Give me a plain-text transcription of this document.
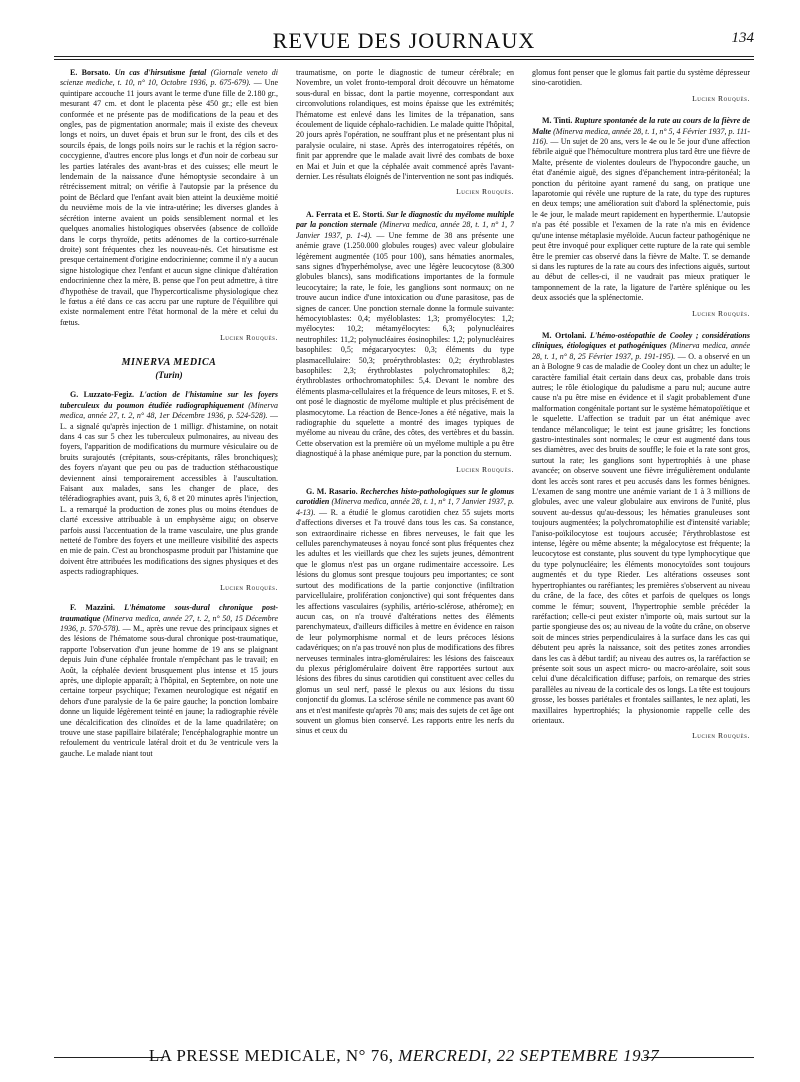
REVUE DES JOURNAUX	134

E. Borsato. Un cas d'hirsutisme fœtal (Giornale veneto di scienze mediche, t. 10, n° 10, Octobre 1936, p. 675-679). — Une quintipare accouche 11 jours avant le terme d'une fille de 2.180 gr., mesurant 47 cm. et dont le placenta pèse 450 gr.; elle est bien conformée et ne présente pas de modifications de la peau et des ongles, pas de pigmentation anormale; mais il existe des cheveux longs et noirs, un duvet épais et brun sur le front, des cils et des sourcils épais, de longs poils noirs sur le rachis et la région sacro-coccygienne, d'autres encore plus longs et d'un noir de corbeau sur les parties latérales des avant-bras et des cuisses; elle meurt le lendemain de la naissance d'une hémoptysie secondaire à un rétrécissement mitral; on vérifie à l'autopsie par la présence du point de Béclard que l'enfant avait bien atteint la deuxième moitié du neuvième mois de la vie intra-utérine; les diverses glandes à sécrétion interne avaient un poids sensiblement normal et les quelques anomalies histologiques observées (absence de colloïde dans le corps thyroïde, petits adénomes de la cortico-surrénale droite) sont fréquentes chez les nouveau-nés. Cet hirsutisme est presque certainement d'origine endocrinienne; comme il n'y a aucun signe histologique chez l'enfant et aucun signe clinique d'altération endocrinienne chez la mère, B. pense que l'on peut admettre, à titre d'hypothèse de travail, que l'hypercorticalisme physiologique chez le fœtus a été dans ce cas accru par une rupture de l'équilibre qui existe normalement entre l'état hormonal de la mère et celui du fœtus.

Lucien Rouquès.
MINERVA MEDICA
(Turin)

G. Luzzato-Fegiz. L'action de l'histamine sur les foyers tuberculeux du poumon étudiée radiographiquement (Minerva medica, année 27, t. 2, n° 48, 1er Décembre 1936, p. 524-528). — L. a signalé qu'après injection de 1 milligr. d'histamine, on notait dans 4 cas sur 5 chez les tuberculeux pulmonaires, au niveau des foyers, l'apparition de modifications du murmure vésiculaire ou de bruits surajoutés (crépitants, sous-crépitants, râles bronchiques); des foyers n'ayant que peu ou pas de traduction stéthacoustique deviennent ainsi temporairement accessibles à l'auscultation. Faisant aux malades, sans les changer de place, des téléradiographies avant, puis 3, 6, 8 et 20 minutes après l'injection, L. a remarqué la production de zones plus ou moins étendues de clarté excessive attribuable à un emphysème aigu; on observe parfois aussi l'accentuation de la trame vasculaire, une plus grande netteté de l'ombre des foyers et une meilleure visibilité des aspects en mie de pain. C'est au bronchospasme produit par l'histamine que doivent être attribuées les modifications des signes physiques et des aspects radiographiques.

Lucien Rouquès.

F. Mazzini. L'hématome sous-dural chronique post-traumatique (Minerva medica, année 27, t. 2, n° 50, 15 Décembre 1936, p. 570-578). — M., après une revue des principaux signes et des lésions de l'hématome sous-dural chronique post-traumatique, rapporte l'observation d'un jeune homme de 19 ans se plaignant depuis Juin d'une céphalée frontale n'empêchant pas le travail; en Août, la céphalée devient brusquement plus intense et 15 jours après, une diplopie apparaît; à l'hôpital, en Septembre, on note une certaine torpeur psychique; l'examen neurologique est négatif en dehors d'une paralysie de la 6e paire gauche; la ponction lombaire donne un liquide légèrement teinté en jaune; la radiographie révèle une décalcification des clinoïdes et de la lame quadrilatère; on trouve une stase papillaire bilatérale; l'encéphalographie montre un refoulement du ventricule latéral droit et du 3e ventricule vers la gauche. Le malade niant tout

traumatisme, on porte le diagnostic de tumeur cérébrale; en Novembre, un volet fronto-temporal droit découvre un hématome sous-dural en bissac, dont la partie moyenne, correspondant aux circonvolutions rolandiques, est moins épaisse que les extrémités; l'hématome est enlevé dans les limites de la trépanation, sans écoulement de liquide céphalo-rachidien. Le malade quitte l'hôpital, 20 jours après l'opération, ne souffrant plus et ne présentant plus ni paralysie oculaire, ni stase. Après des interrogatoires répétés, on finit par apprendre que le malade avait livré des combats de boxe en Mai et Juin et que la céphalée avait commencé après l'avant-dernier. Les résultats éloignés de l'intervention ne sont pas indiqués.

Lucien Rouquès.

A. Ferrata et E. Storti. Sur le diagnostic du myélome multiple par la ponction sternale (Minerva medica, année 28, t. 1, n° 1, 7 Janvier 1937, p. 1-4). — Une femme de 38 ans présente une anémie grave (1.250.000 globules rouges) avec valeur globulaire légèrement augmentée (105 pour 100), sans hématies anormales, sans signes d'hyperhémolyse, avec une légère leucocytose (8.300 globules blancs), sans modifications importantes de la formule leucocytaire; la rate, le foie, les ganglions sont normaux; on ne trouve aucun indice d'une intoxication ou d'une parasitose, pas de signes de cancer. Une ponction sternale donne la formule suivante: hémocytoblastes: 0,4; myéloblastes: 1,3; promyélocytes: 1,2; myélocytes: 10,2; métamyélocytes: 6,3; polynucléaires neutrophiles: 11,2; polynucléaires éosinophiles: 1,2; polynucléaires basophiles: 0,5; mégacaryocytes: 0,3; éléments du type plasmacellulaire: 50,3; proérythroblastes: 0,2; érythroblastes basophiles: 2,3; érythroblastes polychromatophiles: 8,2; érythroblastes orthochromatophiles: 5,4. Devant le nombre des éléments plasma-cellulaires et la fréquence de leurs mitoses, F. et S. ont posé le diagnostic de myélome multiple et plus précisément de plasmocytome. La réaction de Bence-Jones a été négative, mais la radiographie du squelette a montré des images typiques de myélome au niveau du crâne, des côtes, des vertèbres et du bassin. Cette observation est la première où un myélome multiple a pu être diagnostiqué à la phase anémique pure, par la ponction du sternum.

Lucien Rouquès.

G. M. Rasario. Recherches histo-pathologiques sur le glomus carotidien (Minerva medica, année 28, t. 1, n° 1, 7 Janvier 1937, p. 4-13). — R. a étudié le glomus carotidien chez 55 sujets morts d'affections diverses et l'a trouvé dans tous les cas. Sa constance, son extraordinaire richesse en fibres nerveuses, le fait que les cellules parenchymateuses à noyau foncé sont plus fréquentes chez les adultes et les vieillards que chez les sujets jeunes, démontrent que le glomus n'est pas un organe rudimentaire accessoire. Les lésions du glomus sont presque toujours peu importantes; ce sont surtout des modifications de la partie conjonctive (infiltration parvicellulaire, prolifération conjonctive) qui sont fréquentes dans les affections vasculaires (syphilis, artério-sclérose, athérome); en aucun cas, on n'a trouvé d'altérations nettes des éléments parenchymateux, d'ailleurs difficiles à mettre en évidence en raison de leur polymorphisme normal et de leurs précoces lésions cadavériques; on n'a pas trouvé non plus de modifications des fibres nerveuses terminales intra-glomérulaires: les lésions des faisceaux du plexus périglomérulaire doivent être rapportées surtout aux lésions des fibres du sinus carotidien qui constituent avec celles du glomus un seul nerf, passé le plexus ou aux lésions du tissu conjonctif du glomus. La sclérose sénile ne commence pas avant 60 ans et n'est manifeste qu'après 70 ans; mais des sujets de cet âge ont souvent un glomus bien conservé. Les rapports entre les nerfs du sinus et ceux du

glomus font penser que le glomus fait partie du système dépresseur sino-carotidien.

Lucien Rouquès.

M. Tinti. Rupture spontanée de la rate au cours de la fièvre de Malte (Minerva medica, année 28, t. 1, n° 5, 4 Février 1937, p. 111-116). — Un sujet de 20 ans, vers le 4e ou le 5e jour d'une affection fébrile aiguë que l'hémoculture montrera plus tard être une fièvre de Malte, présente de violentes douleurs de l'hypocondre gauche, un état d'anémie aiguë, des signes d'épanchement intra-péritonéal; la ponction du péritoine ayant ramené du sang, on pratique une laparotomie qui révèle une rupture de la rate, du type des ruptures en deux temps; une amélioration suit d'abord la splénectomie, puis le 4e jour, le malade meurt rapidement en hyperthermie. L'autopsie n'a pas été possible et l'examen de la rate n'a mis en évidence qu'une intense métaplasie myéloïde. Aucun facteur pathogénique ne peut être invoqué pour expliquer cette rupture de la rate qui semble être le premier cas observé dans la fièvre de Malte. T. se demande si dans les ruptures de la rate au cours des infections aiguës, surtout au début de celles-ci, il ne vaudrait pas mieux pratiquer le tamponnement de la rate, la ligature de l'artère splénique ou les deux associés que la splénectomie.

Lucien Rouquès.

M. Ortolani. L'hémo-ostéopathie de Cooley ; considérations cliniques, étiologiques et pathogéniques (Minerva medica, année 28, t. 1, n° 8, 25 Février 1937, p. 191-195). — O. a observé en un an à Bologne 9 cas de maladie de Cooley dont un chez un adulte; le caractère familial était certain dans deux cas, probable dans trois autres; le rôle étiologique du paludisme a paru nul; aucune autre cause n'a pu être mise en évidence et il s'agit probablement d'une malformation congénitale portant sur le système hématopoïétique et le squelette. L'affection se traduit par un état anémique avec tendance mélancolique; le teint est jaune grisâtre; les fonctions gastro-intestinales sont normales; le cœur est augmenté dans tous ses diamètres, avec des bruits de souffle; le foie et la rate sont gros, surtout la rate; les ganglions sont hypertrophiés à une phase avancée; on observe souvent une fièvre irrégulièrement ondulante dont les accès sont rares et peu accusés dans les formes bénignes. L'examen de sang montre une anémie variant de 1 à 3 millions de globules, avec une valeur globulaire aux environs de l'unité, plus souvent au-dessus qu'au-dessous; les hématies granuleuses sont toujours augmentées; la polychromatophilie est d'intensité variable; l'aniso-poïkilocytose est toujours accusée; l'érythroblastose est intense, légère ou même absente; la mégalocytose est fréquente; la leucocytose est constante, plus souvent du type lymphocytique que du type polynucléaire; les éléments monocytoïdes sont toujours augmentés et du type Rieder. Les altérations osseuses sont hypertrophiantes ou raréfiantes; les premières s'observent au niveau du crâne, de la face, des côtes et parfois de quelques os longs comme le fémur; souvent, l'hypertrophie semble précéder la raréfaction; celle-ci peut exister n'importe où, mais surtout sur la partie spongieuse des os; au niveau de la voûte du crâne, on observe soit de minces stries perpendiculaires à la surface dans les cas qui débutent peu après la naissance, soit des petites zones arrondies dans les cas à début tardif; au niveau des autres os, la raréfaction se présente soit sous un aspect micro- ou macro-aréolaire, soit sous celui d'une décalcification diffuse; parfois, on remarque des stries parallèles au niveau de la corticale des os longs. La tête est toujours grosse, les bosses pariétales et frontales saillantes, le nez aplati, les maxillaires hypertrophiés; la physionomie rappelle celle des orientaux.

Lucien Rouquès.
LA PRESSE MEDICALE, N° 76, MERCREDI, 22 SEPTEMBRE 1937
